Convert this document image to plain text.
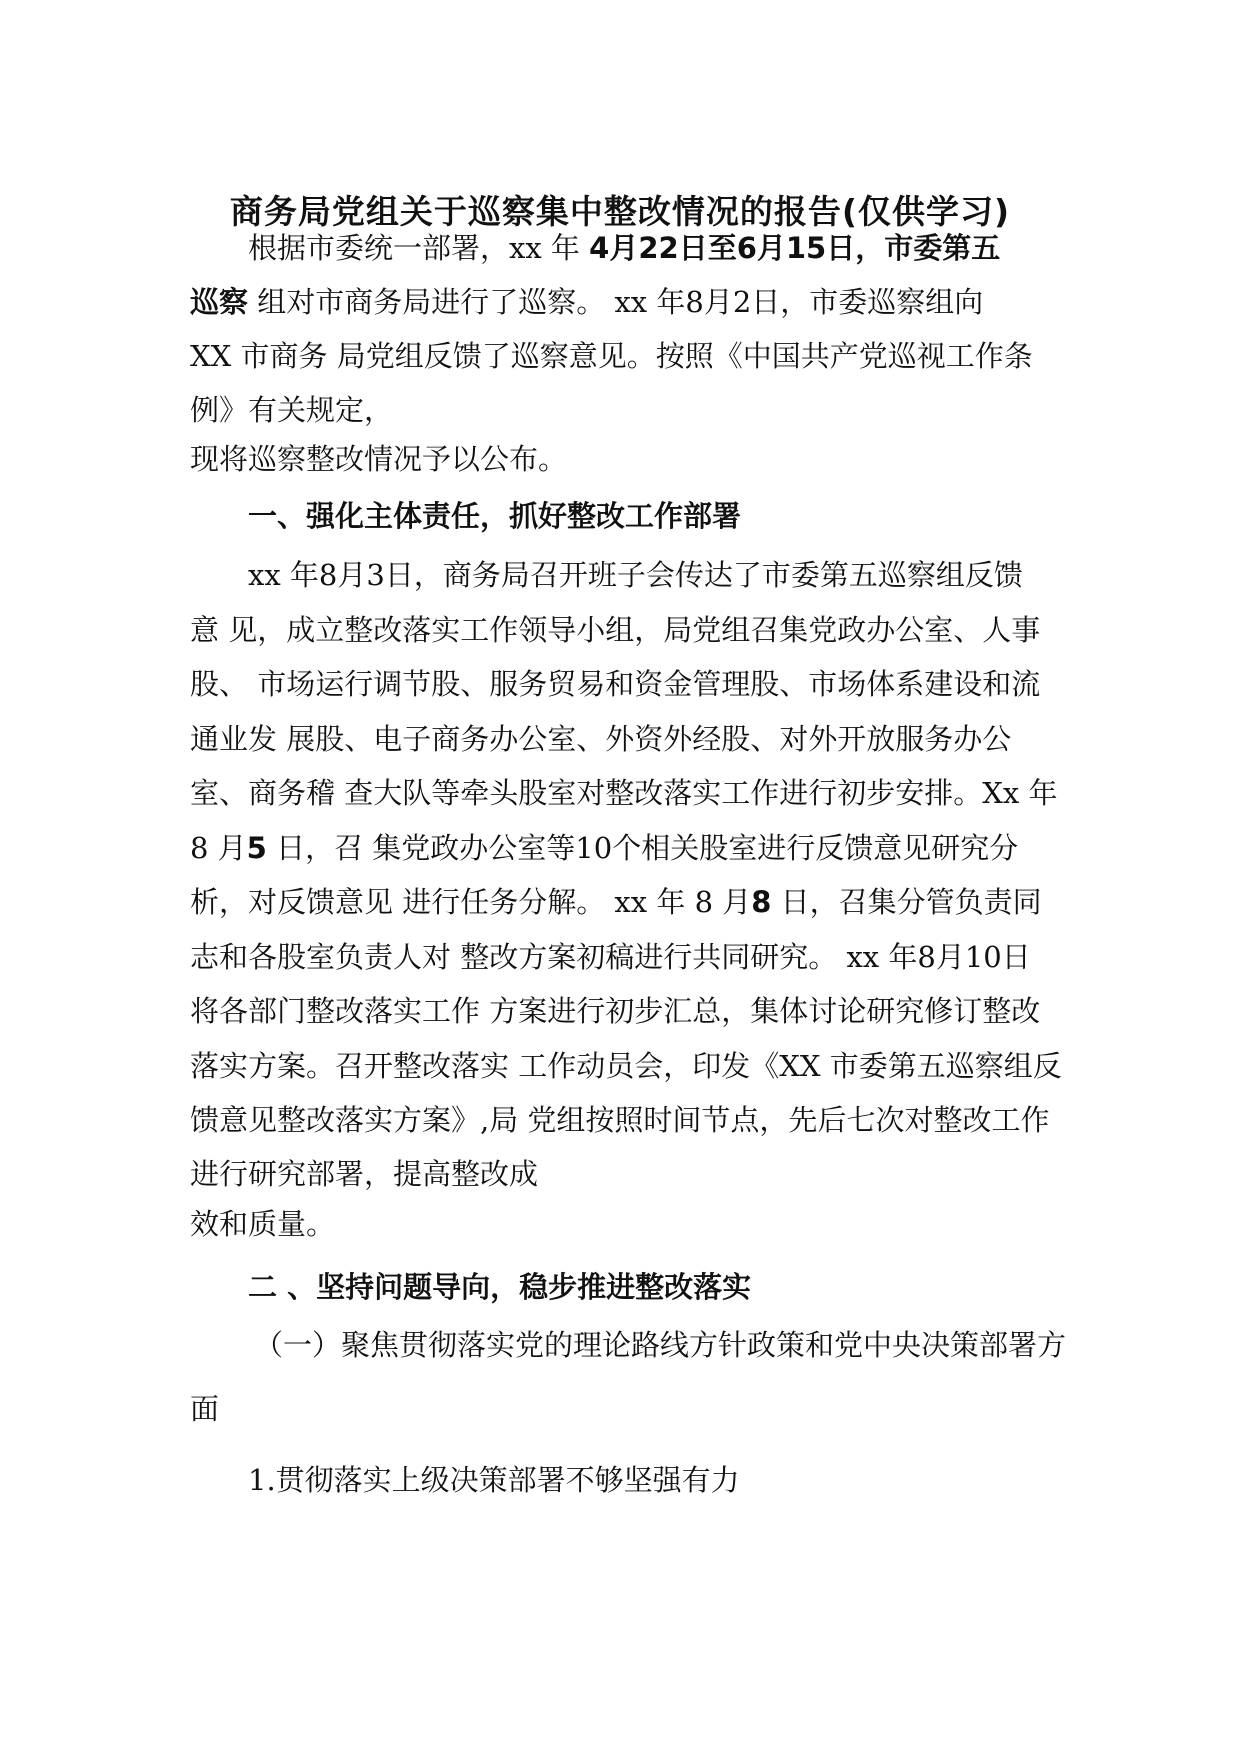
商务局党组关于巡察集中整改情况的报告(仅供学习)

根据市委统一部署，xx 年 4月22日至6月15日，市委第五

巡察 组对市商务局进行了巡察。 xx 年8月2日，市委巡察组向

XX 市商务 局党组反馈了巡察意见。按照《中国共产党巡视工作条

例》有关规定，

现将巡察整改情况予以公布。

一、强化主体责任，抓好整改工作部署

xx 年8月3日，商务局召开班子会传达了市委第五巡察组反馈

意 见，成立整改落实工作领导小组，局党组召集党政办公室、人事

股、 市场运行调节股、服务贸易和资金管理股、市场体系建设和流

通业发 展股、电子商务办公室、外资外经股、对外开放服务办公

室、商务稽 查大队等牵头股室对整改落实工作进行初步安排。Xx 年

8 月5 日，召 集党政办公室等10个相关股室进行反馈意见研究分

析，对反馈意见 进行任务分解。 xx 年 8 月8 日，召集分管负责同

志和各股室负责人对 整改方案初稿进行共同研究。 xx 年8月10日

将各部门整改落实工作 方案进行初步汇总，集体讨论研究修订整改

落实方案。召开整改落实 工作动员会，印发《XX 市委第五巡察组反

馈意见整改落实方案》,局 党组按照时间节点，先后七次对整改工作

进行研究部署，提高整改成

效和质量。

二 、坚持问题导向，稳步推进整改落实

（一）聚焦贯彻落实党的理论路线方针政策和党中央决策部署方

面

1.贯彻落实上级决策部署不够坚强有力
